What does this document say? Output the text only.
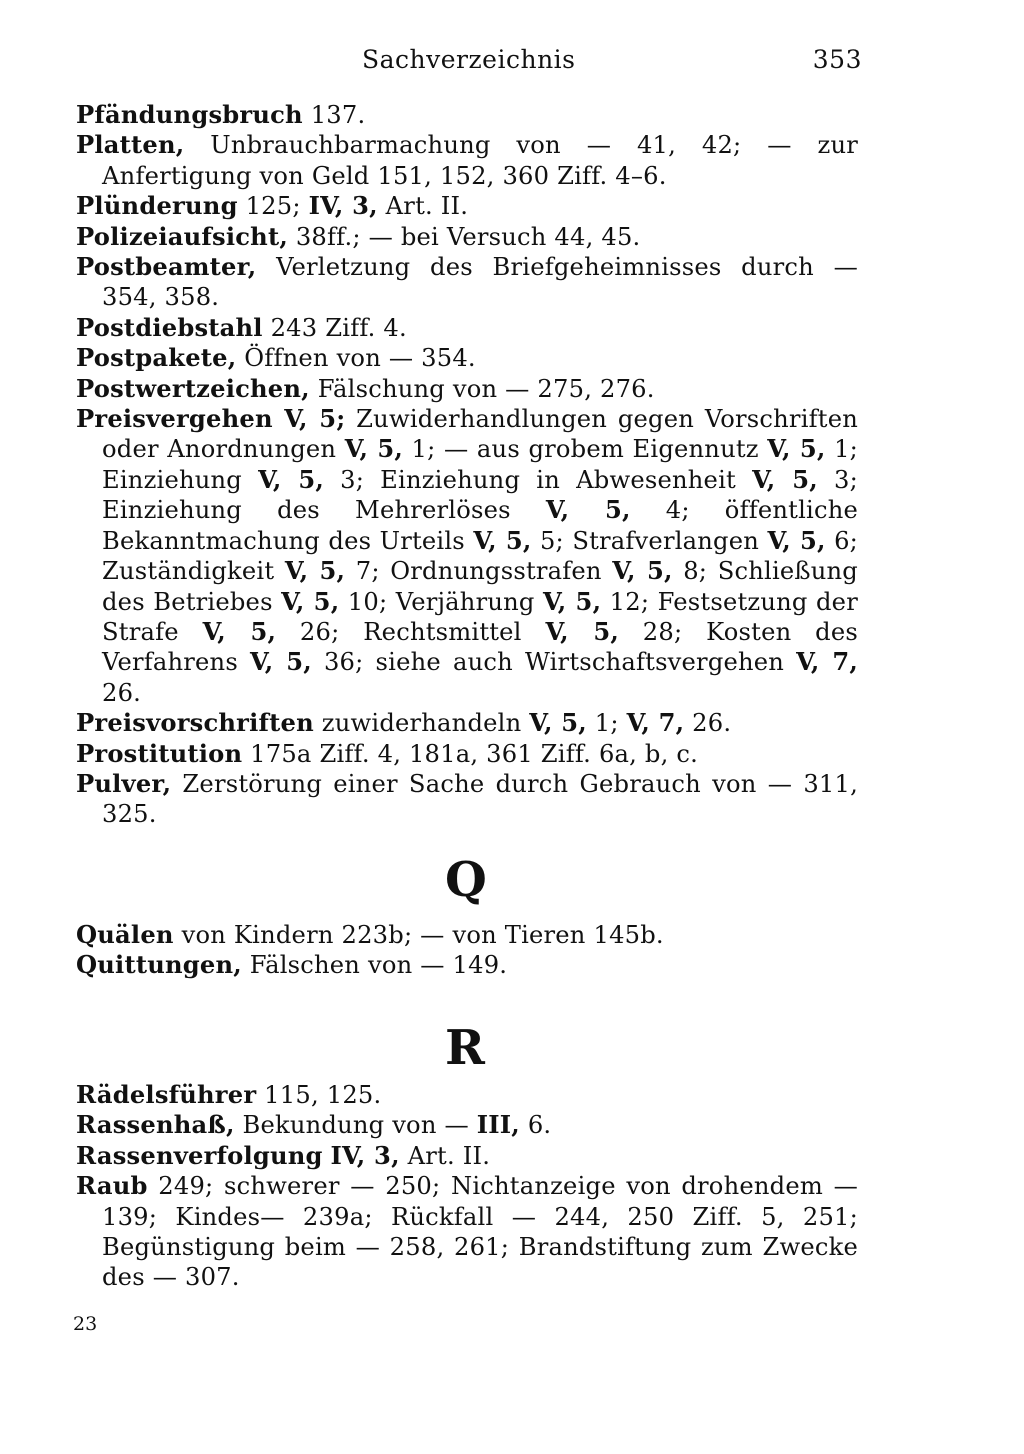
Sachverzeichnis	353
Pfändungsbruch 137.
Platten, Unbrauchbarmachung von — 41, 42; — zur Anfertigung von Geld 151, 152, 360 Ziff. 4–6.
Plünderung 125; IV, 3, Art. II.
Polizeiaufsicht, 38ff.; — bei Versuch 44, 45.
Postbeamter, Verletzung des Briefgeheimnisses durch — 354, 358.
Postdiebstahl 243 Ziff. 4.
Postpakete, Öffnen von — 354.
Postwertzeichen, Fälschung von — 275, 276.
Preisvergehen V, 5; Zuwiderhandlungen gegen Vorschriften oder Anordnungen V, 5, 1; — aus grobem Eigennutz V, 5, 1; Einziehung V, 5, 3; Einziehung in Abwesenheit V, 5, 3; Einziehung des Mehrerlöses V, 5, 4; öffentliche Bekanntmachung des Urteils V, 5, 5; Strafverlangen V, 5, 6; Zuständigkeit V, 5, 7; Ordnungsstrafen V, 5, 8; Schließung des Betriebes V, 5, 10; Verjährung V, 5, 12; Festsetzung der Strafe V, 5, 26; Rechtsmittel V, 5, 28; Kosten des Verfahrens V, 5, 36; siehe auch Wirtschaftsvergehen V, 7, 26.
Preisvorschriften zuwiderhandeln V, 5, 1; V, 7, 26.
Prostitution 175a Ziff. 4, 181a, 361 Ziff. 6a, b, c.
Pulver, Zerstörung einer Sache durch Gebrauch von — 311, 325.
Q
Quälen von Kindern 223b; — von Tieren 145b.
Quittungen, Fälschen von — 149.
R
Rädelsführer 115, 125.
Rassenhaß, Bekundung von — III, 6.
Rassenverfolgung IV, 3, Art. II.
Raub 249; schwerer — 250; Nichtanzeige von drohendem — 139; Kindes— 239a; Rückfall — 244, 250 Ziff. 5, 251; Begünstigung beim — 258, 261; Brandstiftung zum Zwecke des — 307.
23
